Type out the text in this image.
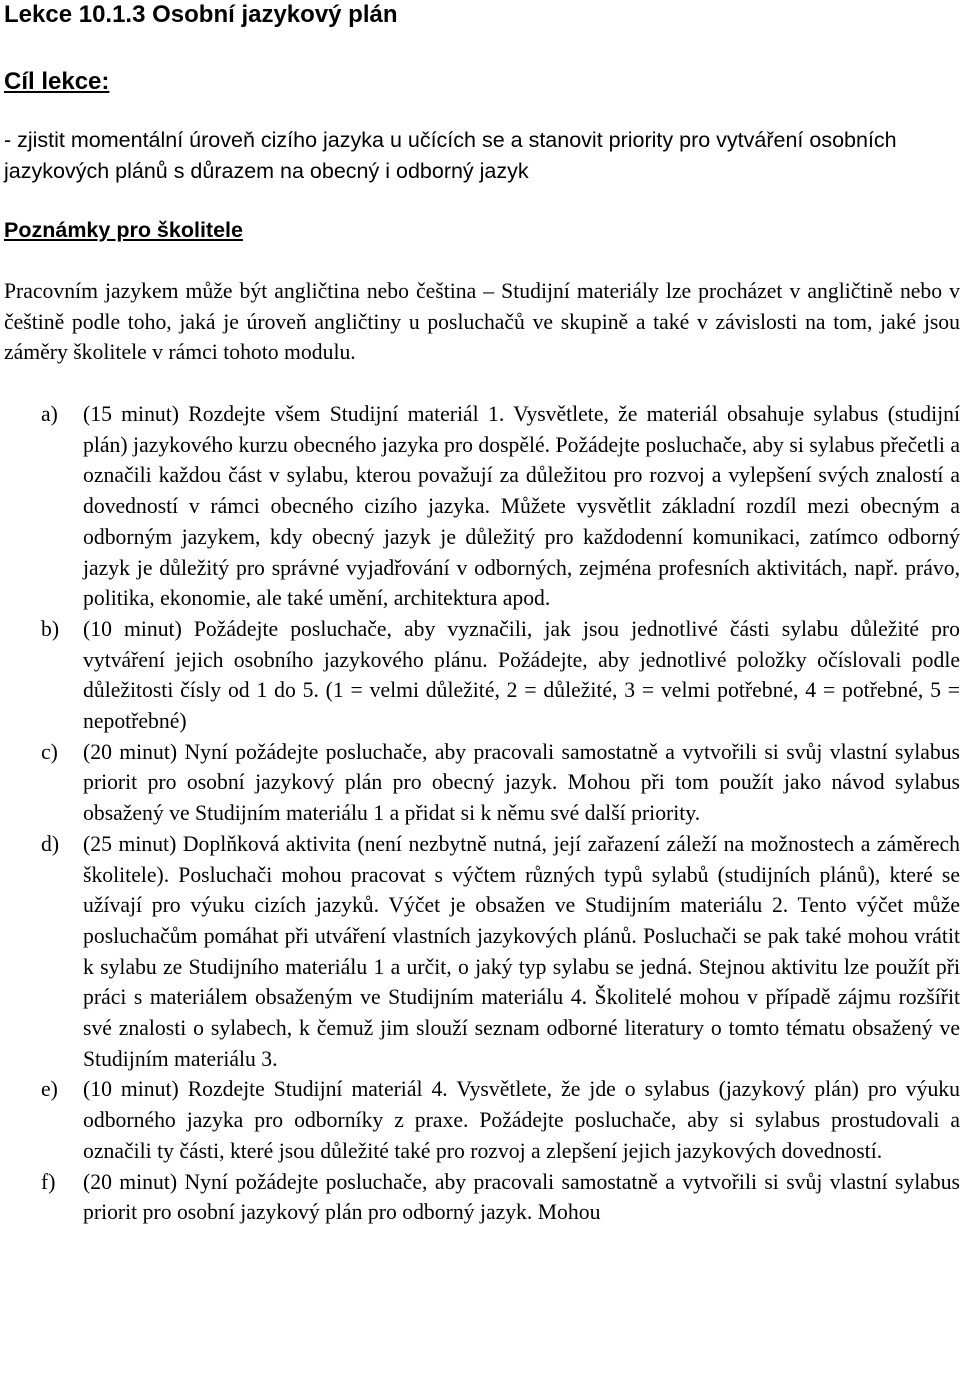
Lekce 10.1.3 Osobní jazykový plán
Cíl lekce:

- zjistit momentální úroveň cizího jazyka u učících se a stanovit priority pro vytváření osobních jazykových plánů s důrazem na obecný i odborný jazyk

Poznámky pro školitele

Pracovním jazykem může být angličtina nebo čeština – Studijní materiály lze procházet v angličtině nebo v češtině podle toho, jaká je úroveň angličtiny u posluchačů ve skupině a také v závislosti na tom, jaké jsou záměry školitele v rámci tohoto modulu.

a) (15 minut) Rozdejte všem Studijní materiál 1. Vysvětlete, že materiál obsahuje sylabus (studijní plán) jazykového kurzu obecného jazyka pro dospělé. Požádejte posluchače, aby si sylabus přečetli a označili každou část v sylabu, kterou považují za důležitou pro rozvoj a vylepšení svých znalostí a dovedností v rámci obecného cizího jazyka. Můžete vysvětlit základní rozdíl mezi obecným a odborným jazykem, kdy obecný jazyk je důležitý pro každodenní komunikaci, zatímco odborný jazyk je důležitý pro správné vyjadřování v odborných, zejména profesních aktivitách, např. právo, politika, ekonomie, ale také umění, architektura apod.
b) (10 minut) Požádejte posluchače, aby vyznačili, jak jsou jednotlivé části sylabu důležité pro vytváření jejich osobního jazykového plánu. Požádejte, aby jednotlivé položky očíslovali podle důležitosti čísly od 1 do 5. (1 = velmi důležité, 2 = důležité, 3 = velmi potřebné, 4 = potřebné, 5 = nepotřebné)
c) (20 minut) Nyní požádejte posluchače, aby pracovali samostatně a vytvořili si svůj vlastní sylabus priorit pro osobní jazykový plán pro obecný jazyk. Mohou při tom použít jako návod sylabus obsažený ve Studijním materiálu 1 a přidat si k němu své další priority.
d) (25 minut) Doplňková aktivita (není nezbytně nutná, její zařazení záleží na možnostech a záměrech školitele). Posluchači mohou pracovat s výčtem různých typů sylabů (studijních plánů), které se užívají pro výuku cizích jazyků. Výčet je obsažen ve Studijním materiálu 2. Tento výčet může posluchačům pomáhat při utváření vlastních jazykových plánů. Posluchači se pak také mohou vrátit k sylabu ze Studijního materiálu 1 a určit, o jaký typ sylabu se jedná. Stejnou aktivitu lze použít při práci s materiálem obsaženým ve Studijním materiálu 4. Školitelé mohou v případě zájmu rozšířit své znalosti o sylabech, k čemuž jim slouží seznam odborné literatury o tomto tématu obsažený ve Studijním materiálu 3.
e) (10 minut) Rozdejte Studijní materiál 4. Vysvětlete, že jde o sylabus (jazykový plán) pro výuku odborného jazyka pro odborníky z praxe. Požádejte posluchače, aby si sylabus prostudovali a označili ty části, které jsou důležité také pro rozvoj a zlepšení jejich jazykových dovedností.
f) (20 minut) Nyní požádejte posluchače, aby pracovali samostatně a vytvořili si svůj vlastní sylabus priorit pro osobní jazykový plán pro odborný jazyk. Mohou
